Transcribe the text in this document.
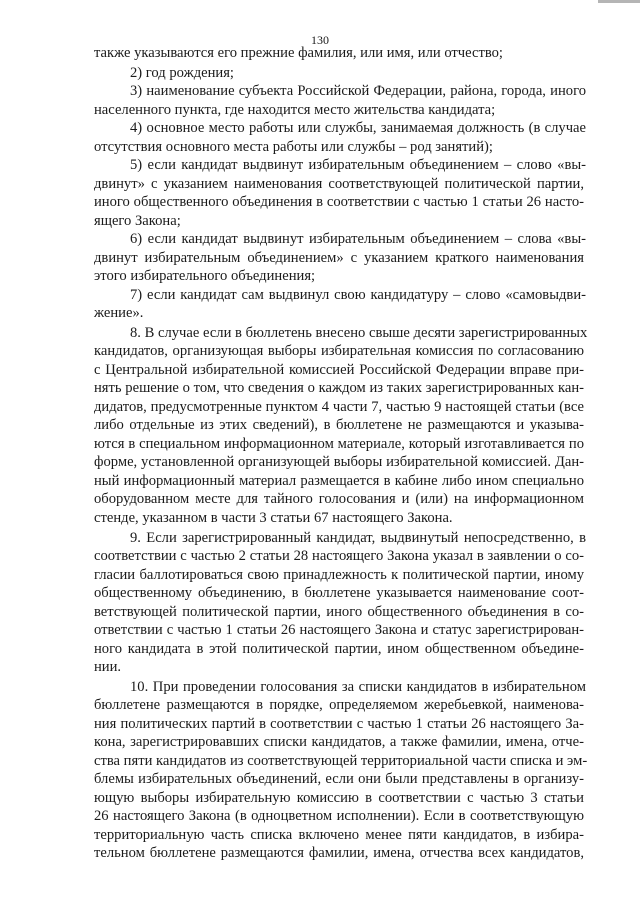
130
также указываются его прежние фамилия, или имя, или отчество;
2) год рождения;
3) наименование субъекта Российской Федерации, района, города, иного
населенного пункта, где находится место жительства кандидата;
4) основное место работы или службы, занимаемая должность (в случае
отсутствия основного места работы или службы – род занятий);
5) если кандидат выдвинут избирательным объединением – слово «вы-
двинут» с указанием наименования соответствующей политической партии,
иного общественного объединения в соответствии с частью 1 статьи 26 насто-
ящего Закона;
6) если кандидат выдвинут избирательным объединением – слова «вы-
двинут избирательным объединением» с указанием краткого наименования
этого избирательного объединения;
7) если кандидат сам выдвинул свою кандидатуру – слово «самовыдви-
жение».
8. В случае если в бюллетень внесено свыше десяти зарегистрированных
кандидатов, организующая выборы избирательная комиссия по согласованию
с Центральной избирательной комиссией Российской Федерации вправе при-
нять решение о том, что сведения о каждом из таких зарегистрированных кан-
дидатов, предусмотренные пунктом 4 части 7, частью 9 настоящей статьи (все
либо отдельные из этих сведений), в бюллетене не размещаются и указыва-
ются в специальном информационном материале, который изготавливается по
форме, установленной организующей выборы избирательной комиссией. Дан-
ный информационный материал размещается в кабине либо ином специально
оборудованном месте для тайного голосования и (или) на информационном
стенде, указанном в части 3 статьи 67 настоящего Закона.
9. Если зарегистрированный кандидат, выдвинутый непосредственно, в
соответствии с частью 2 статьи 28 настоящего Закона указал в заявлении о со-
гласии баллотироваться свою принадлежность к политической партии, иному
общественному объединению, в бюллетене указывается наименование соот-
ветствующей политической партии, иного общественного объединения в со-
ответствии с частью 1 статьи 26 настоящего Закона и статус зарегистрирован-
ного кандидата в этой политической партии, ином общественном объедине-
нии.
10. При проведении голосования за списки кандидатов в избирательном
бюллетене размещаются в порядке, определяемом жеребьевкой, наименова-
ния политических партий в соответствии с частью 1 статьи 26 настоящего За-
кона, зарегистрировавших списки кандидатов, а также фамилии, имена, отче-
ства пяти кандидатов из соответствующей территориальной части списка и эм-
блемы избирательных объединений, если они были представлены в организу-
ющую выборы избирательную комиссию в соответствии с частью 3 статьи
26 настоящего Закона (в одноцветном исполнении). Если в соответствующую
территориальную часть списка включено менее пяти кандидатов, в избира-
тельном бюллетене размещаются фамилии, имена, отчества всех кандидатов,
